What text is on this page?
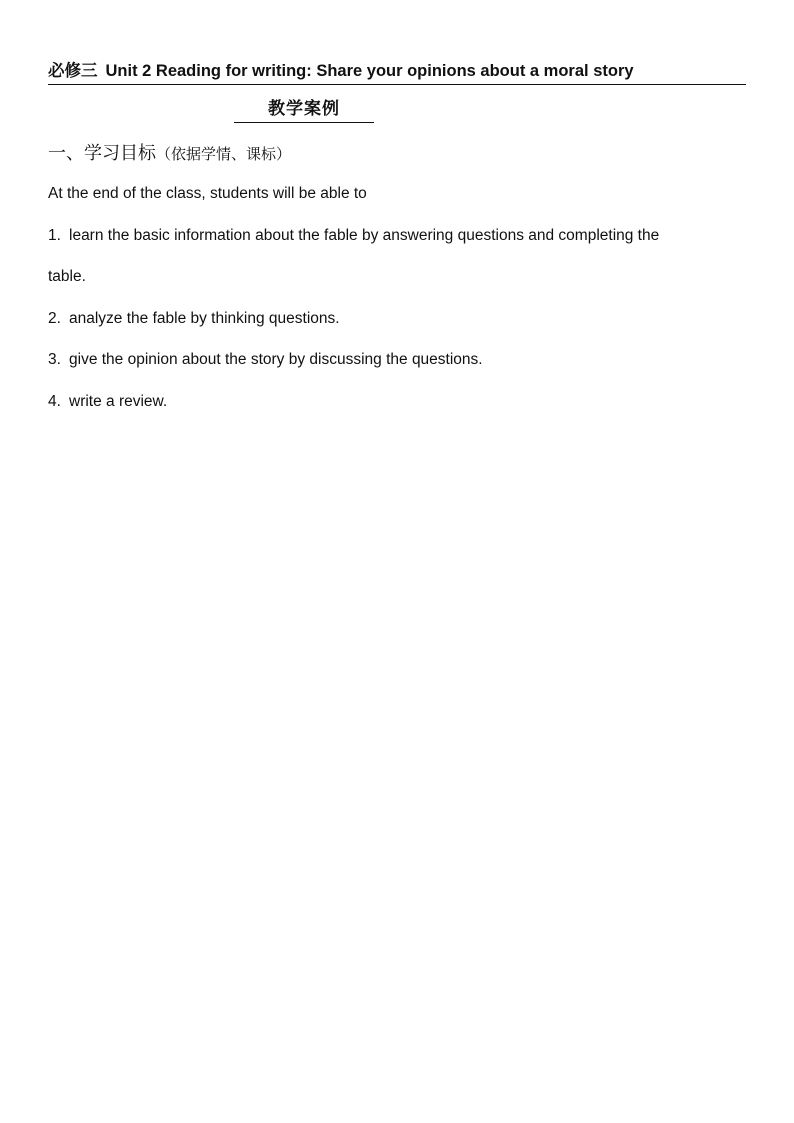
必修三 Unit 2 Reading for writing: Share your opinions about a moral story
教学案例
一、学习目标（依据学情、课标）
At the end of the class, students will be able to
1. learn the basic information about the fable by answering questions and completing the
table.
2. analyze the fable by thinking questions.
3. give the opinion about the story by discussing the questions.
4. write a review.
